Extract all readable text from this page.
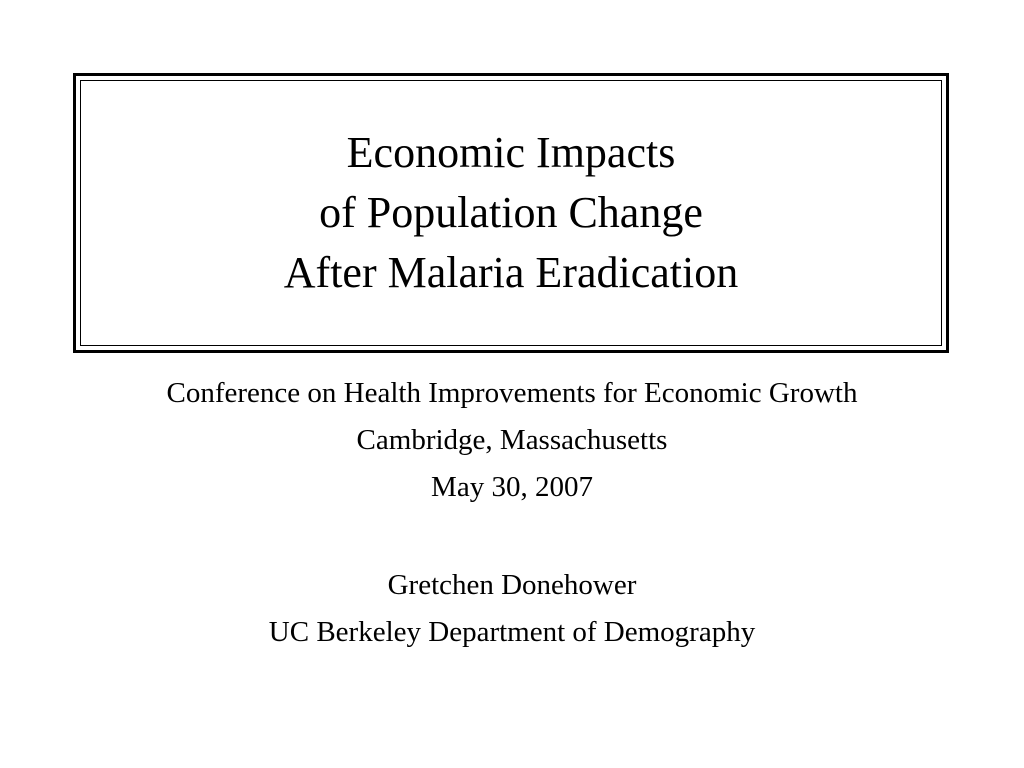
Economic Impacts
of Population Change
After Malaria Eradication
Conference on Health Improvements for Economic Growth
Cambridge, Massachusetts
May 30, 2007
Gretchen Donehower
UC Berkeley Department of Demography
